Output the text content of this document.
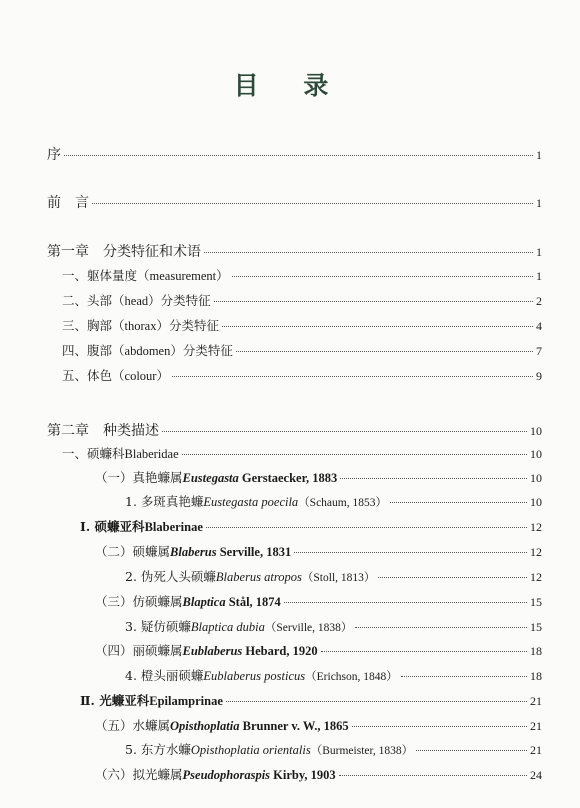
目 录
序	1
前　言	1
第一章　分类特征和术语	1
一、躯体量度（measurement）	1
二、头部（head）分类特征	2
三、胸部（thorax）分类特征	4
四、腹部（abdomen）分类特征	7
五、体色（colour）	9
第二章　种类描述	10
一、硕蠊科Blaberidae	10
（一）真艳蠊属Eustegasta Gerstaecker, 1883	10
1. 多斑真艳蠊Eustegasta poecila（Schaum, 1853）	10
Ⅰ. 硕蠊亚科Blaberinae	12
（二）硕蠊属Blaberus Serville, 1831	12
2. 伪死人头硕蠊Blaberus atropos（Stoll, 1813）	12
（三）仿硕蠊属Blaptica Stål, 1874	15
3. 疑仿硕蠊Blaptica dubia（Serville, 1838）	15
（四）丽硕蠊属Eublaberus Hebard, 1920	18
4. 橙头丽硕蠊Eublaberus posticus（Erichson, 1848）	18
Ⅱ. 光蠊亚科Epilamprinae	21
（五）水蠊属Opisthoplatia Brunner v. W., 1865	21
5. 东方水蠊Opisthoplatia orientalis（Burmeister, 1838）	21
（六）拟光蠊属Pseudophoraspis Kirby, 1903	24
